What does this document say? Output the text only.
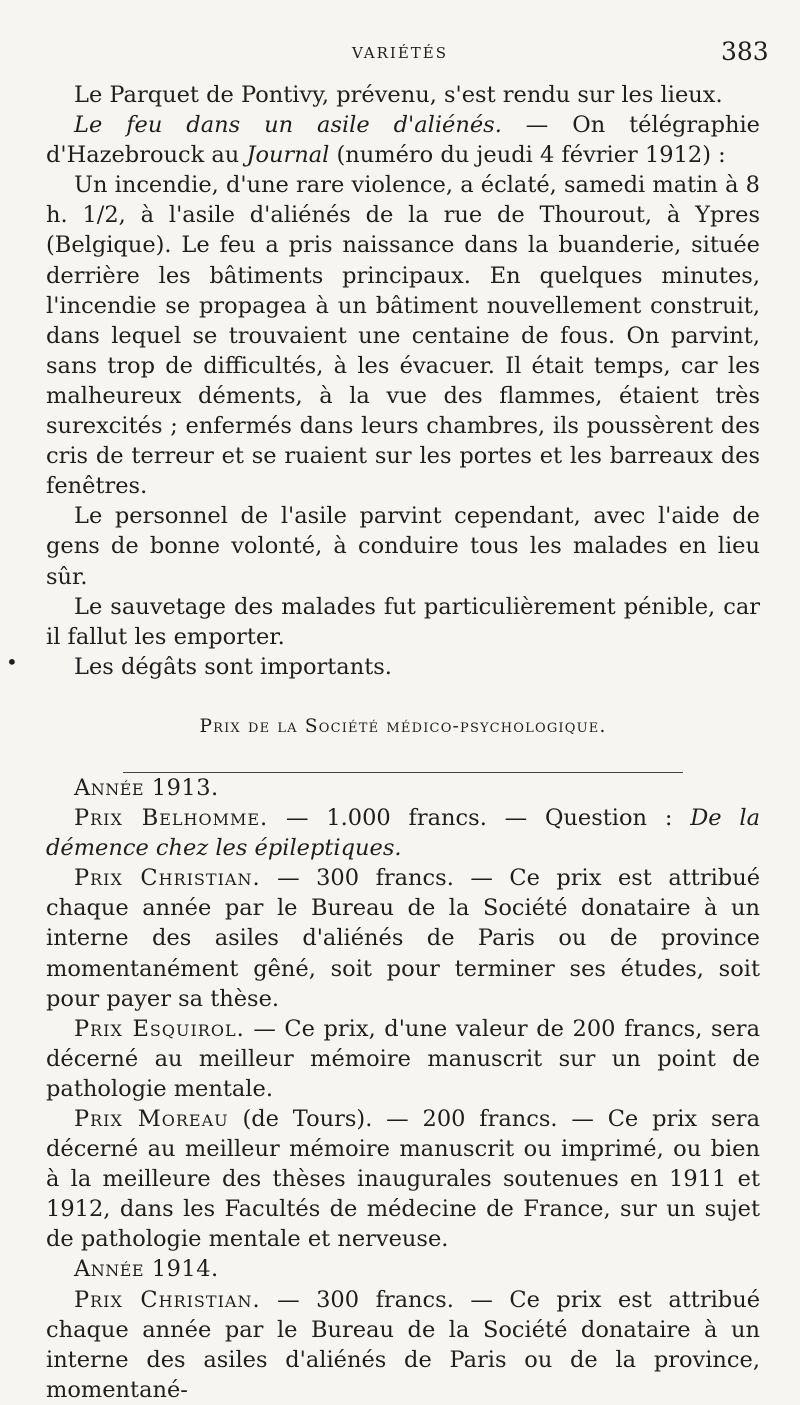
VARIÉTÉS	383
•

Le Parquet de Pontivy, prévenu, s'est rendu sur les lieux.

Le feu dans un asile d'aliénés. — On télégraphie d'Hazebrouck au Journal (numéro du jeudi 4 février 1912) :

Un incendie, d'une rare violence, a éclaté, samedi matin à 8 h. 1/2, à l'asile d'aliénés de la rue de Thourout, à Ypres (Belgique). Le feu a pris naissance dans la buanderie, située derrière les bâtiments principaux. En quelques minutes, l'incendie se propagea à un bâtiment nouvellement construit, dans lequel se trouvaient une centaine de fous. On parvint, sans trop de difficultés, à les évacuer. Il était temps, car les malheureux déments, à la vue des flammes, étaient très surexcités ; enfermés dans leurs chambres, ils poussèrent des cris de terreur et se ruaient sur les portes et les barreaux des fenêtres.

Le personnel de l'asile parvint cependant, avec l'aide de gens de bonne volonté, à conduire tous les malades en lieu sûr.

Le sauvetage des malades fut particulièrement pénible, car il fallut les emporter.

Les dégâts sont importants.

Prix de la Société médico-psychologique.

Année 1913.

Prix Belhomme. — 1.000 francs. — Question : De la démence chez les épileptiques.

Prix Christian. — 300 francs. — Ce prix est attribué chaque année par le Bureau de la Société donataire à un interne des asiles d'aliénés de Paris ou de province momentanément gêné, soit pour terminer ses études, soit pour payer sa thèse.

Prix Esquirol. — Ce prix, d'une valeur de 200 francs, sera décerné au meilleur mémoire manuscrit sur un point de pathologie mentale.

Prix Moreau (de Tours). — 200 francs. — Ce prix sera décerné au meilleur mémoire manuscrit ou imprimé, ou bien à la meilleure des thèses inaugurales soutenues en 1911 et 1912, dans les Facultés de médecine de France, sur un sujet de pathologie mentale et nerveuse.

Année 1914.

Prix Christian. — 300 francs. — Ce prix est attribué chaque année par le Bureau de la Société donataire à un interne des asiles d'aliénés de Paris ou de la province, momentané-
